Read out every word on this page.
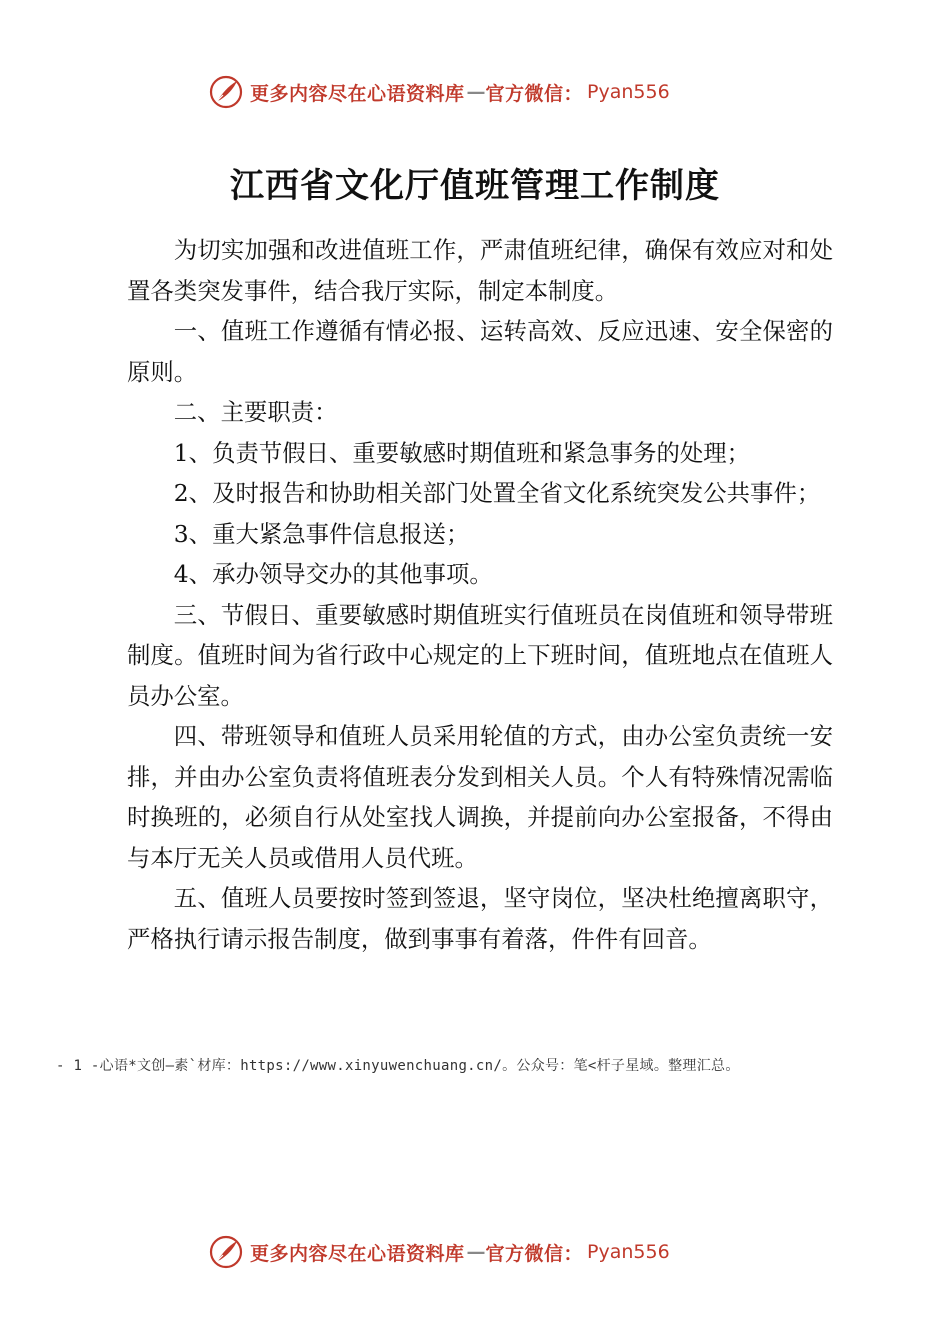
更多内容尽在心语资料库 — 官方微信： Pyan556
江西省文化厅值班管理工作制度

为切实加强和改进值班工作，严肃值班纪律，确保有效应对和处置各类突发事件，结合我厅实际，制定本制度。

一、值班工作遵循有情必报、运转高效、反应迅速、安全保密的原则。

二、主要职责：

1、负责节假日、重要敏感时期值班和紧急事务的处理；

2、及时报告和协助相关部门处置全省文化系统突发公共事件；

3、重大紧急事件信息报送；

4、承办领导交办的其他事项。

三、节假日、重要敏感时期值班实行值班员在岗值班和领导带班制度。值班时间为省行政中心规定的上下班时间，值班地点在值班人员办公室。

四、带班领导和值班人员采用轮值的方式，由办公室负责统一安排，并由办公室负责将值班表分发到相关人员。个人有特殊情况需临时换班的，必须自行从处室找人调换，并提前向办公室报备，不得由与本厅无关人员或借用人员代班。

五、值班人员要按时签到签退，坚守岗位，坚决杜绝擅离职守，严格执行请示报告制度，做到事事有着落，件件有回音。

- 1 -心语*文创—素`材库：https://www.xinyuwenchuang.cn/。公众号：笔<杆子星域。整理汇总。
更多内容尽在心语资料库 — 官方微信： Pyan556
